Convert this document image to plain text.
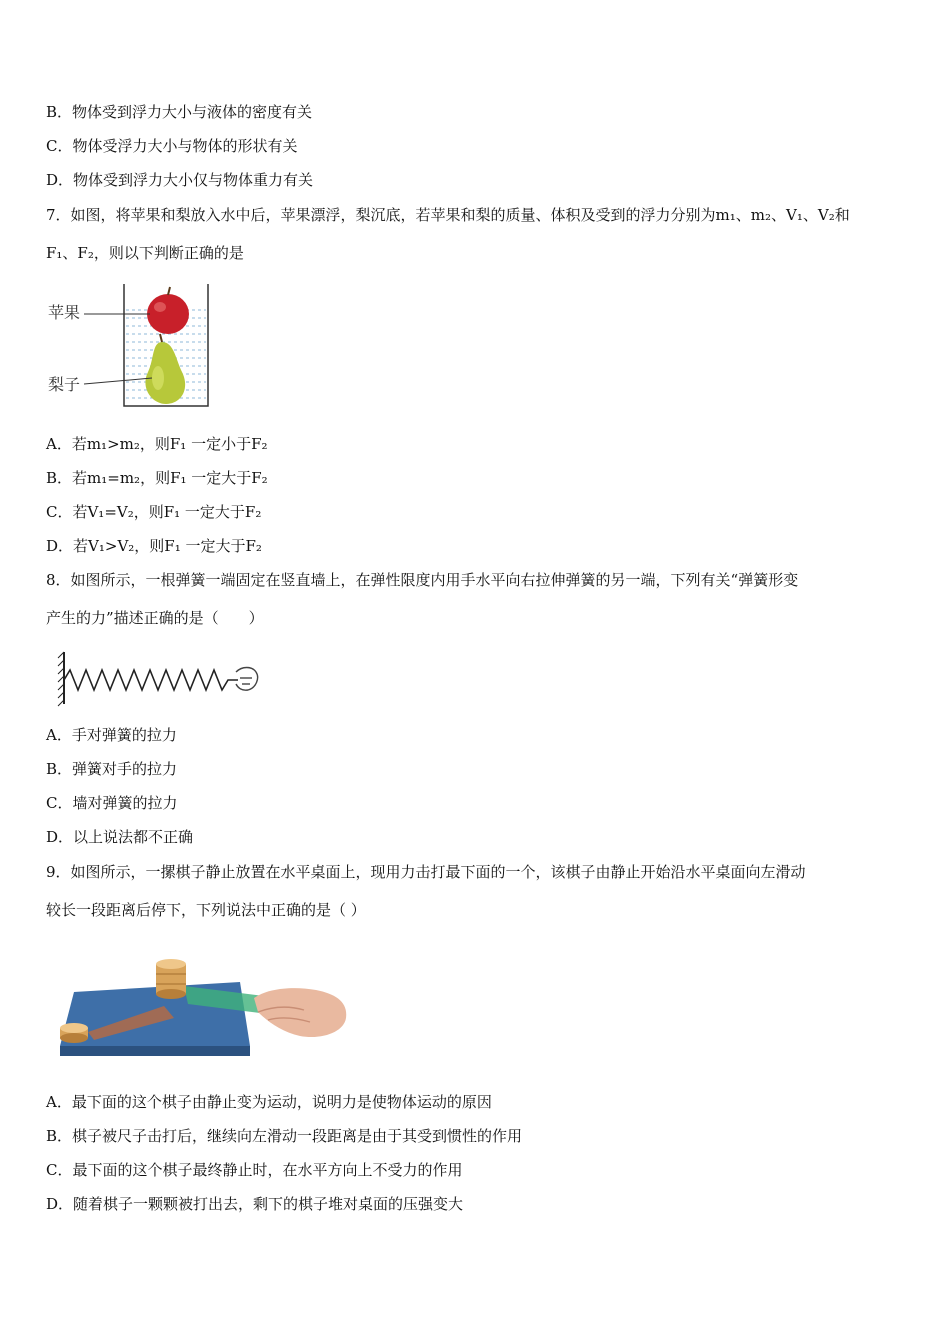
B．物体受到浮力大小与液体的密度有关
C．物体受浮力大小与物体的形状有关
D．物体受到浮力大小仅与物体重力有关
7．如图，将苹果和梨放入水中后，苹果漂浮，梨沉底，若苹果和梨的质量、体积及受到的浮力分别为m₁、m₂、V₁、V₂和
F₁、F₂，则以下判断正确的是
苹果
梨子
A．若m₁>m₂，则F₁ 一定小于F₂
B．若m₁=m₂，则F₁ 一定大于F₂
C．若V₁=V₂，则F₁ 一定大于F₂
D．若V₁>V₂，则F₁ 一定大于F₂
8．如图所示，一根弹簧一端固定在竖直墙上，在弹性限度内用手水平向右拉伸弹簧的另一端，下列有关“弹簧形变
产生的力”描述正确的是（　　）
A．手对弹簧的拉力
B．弹簧对手的拉力
C．墙对弹簧的拉力
D．以上说法都不正确
9．如图所示，一摞棋子静止放置在水平桌面上，现用力击打最下面的一个，该棋子由静止开始沿水平桌面向左滑动
较长一段距离后停下，下列说法中正确的是（ ）
A．最下面的这个棋子由静止变为运动，说明力是使物体运动的原因
B．棋子被尺子击打后，继续向左滑动一段距离是由于其受到惯性的作用
C．最下面的这个棋子最终静止时，在水平方向上不受力的作用
D．随着棋子一颗颗被打出去，剩下的棋子堆对桌面的压强变大
